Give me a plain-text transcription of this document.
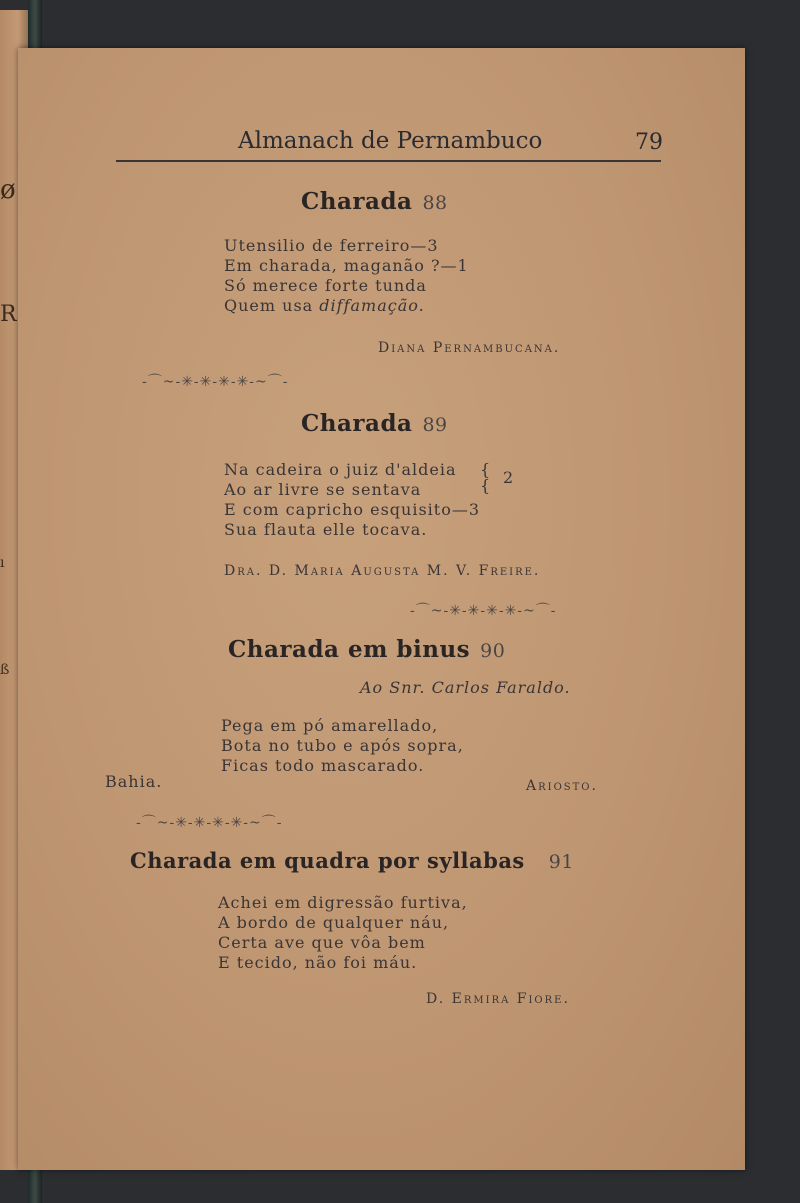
ø
R
ı
ß
Almanach de Pernambuco	79
Charada 88
Utensilio de ferreiro—3
Em charada, maganão ?—1
Só merece forte tunda
Quem usa diffamação.
Diana Pernambucana.
-⌒~-✳-✳-✳-✳-~⌒-
Charada 89
Na cadeira o juiz d'aldeia
Ao ar livre se sentava
E com capricho esquisito—3
Sua flauta elle tocava.
{
{ 2
Dra. D. Maria Augusta M. V. Freire.
-⌒~-✳-✳-✳-✳-~⌒-
Charada em binus 90
Ao Snr. Carlos Faraldo.
Pega em pó amarellado,
Bota no tubo e após sopra,
Ficas todo mascarado.
Bahia.	Ariosto.
-⌒~-✳-✳-✳-✳-~⌒-
Charada em quadra por syllabas 91
Achei em digressão furtiva,
A bordo de qualquer náu,
Certa ave que vôa bem
E tecido, não foi máu.
D. Ermira Fiore.
